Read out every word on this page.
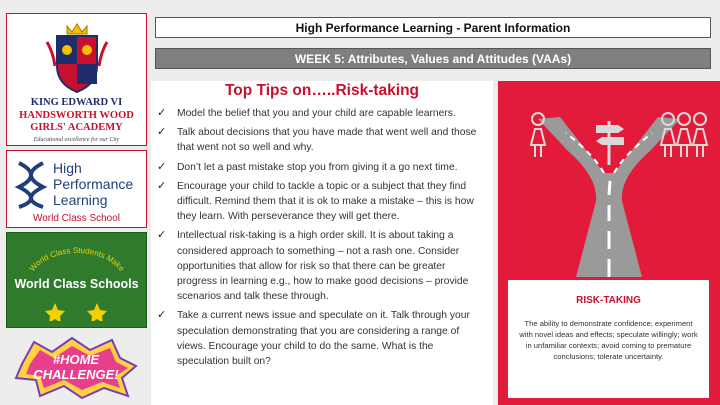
KING EDWARD VI
HANDSWORTH WOOD
GIRLS' ACADEMY
Educational excellence for our City
High
Performance
Learning
World Class School
World Class Students Make
World Class Schools
#HOME CHALLENGE!
High Performance Learning - Parent Information
WEEK 5: Attributes, Values and Attitudes (VAAs)
Top Tips on…..Risk-taking
✓ Model the belief that you and your child are capable learners.
✓ Talk about decisions that you have made that went well and those that went not so well and why.
✓ Don’t let a past mistake stop you from giving it a go next time.
✓ Encourage your child to tackle a topic or a subject that they find difficult. Remind them that it is ok to make a mistake – this is how they learn. With perseverance they will get there.
✓ Intellectual risk-taking is a high order skill. It is about taking a considered approach to something – not a rash one. Consider opportunities that allow for risk so that there can be greater progress in learning e.g., how to make good decisions – provide scenarios and talk these through.
✓ Take a current news issue and speculate on it. Talk through your speculation demonstrating that you are considering a range of views. Encourage your child to do the same. What is the speculation built on?
RISK-TAKING
The ability to demonstrate confidence; experiment with novel ideas and effects; speculate willingly; work in unfamiliar contexts; avoid coming to premature conclusions; tolerate uncertainty.
